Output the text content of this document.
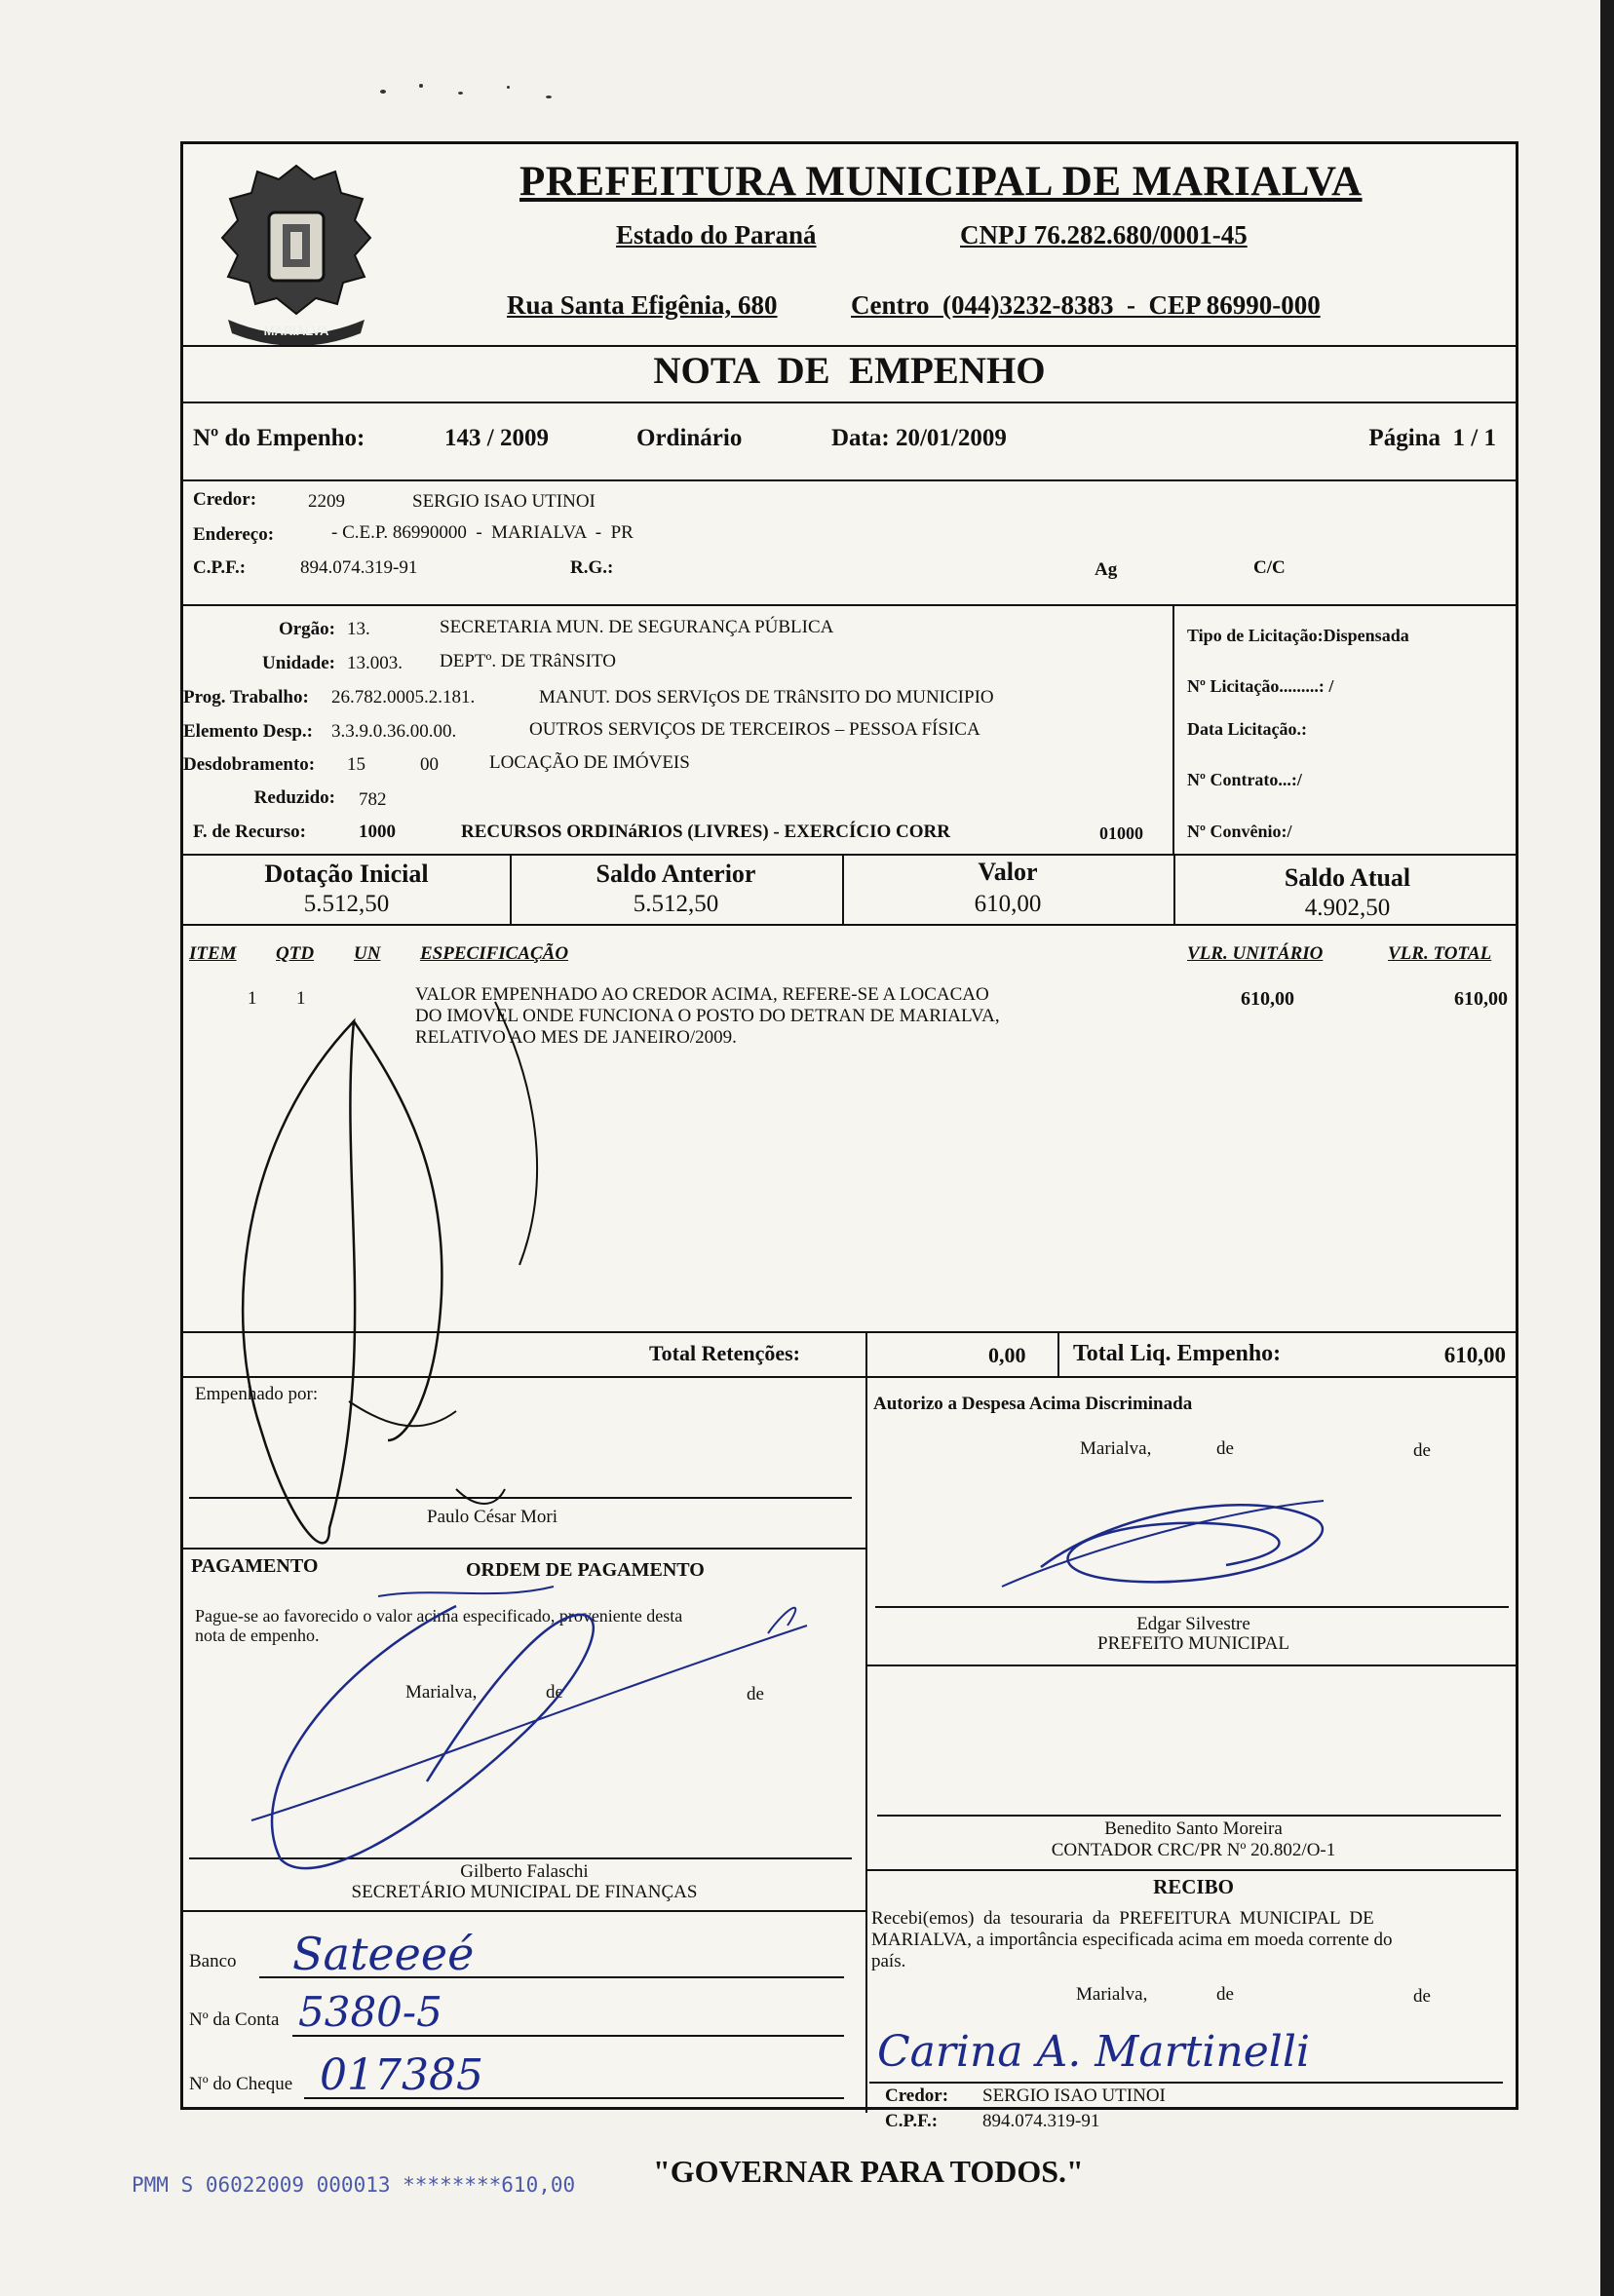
MARIALVA
PREFEITURA MUNICIPAL DE MARIALVA
Estado do Paraná	CNPJ 76.282.680/0001-45
Rua Santa Efigênia, 680	Centro  (044)3232-8383  -  CEP 86990-000
NOTA  DE  EMPENHO
Nº do Empenho:	143 / 2009	Ordinário	Data: 20/01/2009	Página  1 / 1
Credor:	2209	SERGIO ISAO UTINOI
Endereço:	- C.E.P. 86990000  -  MARIALVA  -  PR
C.P.F.:	894.074.319-91	R.G.:	Ag	C/C
Orgão: 13.	SECRETARIA MUN. DE SEGURANÇA PÚBLICA
Unidade: 13.003. DEPTº. DE TRâNSITO
Prog. Trabalho: 26.782.0005.2.181.	MANUT. DOS SERVIçOS DE TRâNSITO DO MUNICIPIO
Elemento Desp.: 3.3.9.0.36.00.00.	OUTROS SERVIÇOS DE TERCEIROS – PESSOA FÍSICA
Desdobramento: 15	00	LOCAÇÃO DE IMÓVEIS
Reduzido: 782
F. de Recurso:	1000	RECURSOS ORDINáRIOS (LIVRES) - EXERCÍCIO CORR	01000
Tipo de Licitação:Dispensada
Nº Licitação.........: /
Data Licitação.:
Nº Contrato...:/
Nº Convênio:/
Dotação Inicial
5.512,50
Saldo Anterior
5.512,50
Valor
610,00
Saldo Atual
4.902,50
ITEM QTD UN ESPECIFICAÇÃO	VLR. UNITÁRIO	VLR. TOTAL
1 1	VALOR EMPENHADO AO CREDOR ACIMA, REFERE-SE A LOCACAO
DO IMOVEL ONDE FUNCIONA O POSTO DO DETRAN DE MARIALVA,
RELATIVO AO MES DE JANEIRO/2009.
610,00	610,00
Total Retenções:	0,00 Total Liq. Empenho:	610,00
Empenhado por:
Paulo César Mori
Autorizo a Despesa Acima Discriminada
Marialva,	de	de
Edgar Silvestre
PREFEITO MUNICIPAL
PAGAMENTO	ORDEM DE PAGAMENTO
Pague-se ao favorecido o valor acima especificado, proveniente desta
nota de empenho.
Marialva,	de	de
Gilberto Falaschi
SECRETÁRIO MUNICIPAL DE FINANÇAS
Benedito Santo Moreira
CONTADOR CRC/PR Nº 20.802/O-1
Banco Sateeeé
Nº da Conta 5380-5
Nº do Cheque 017385
RECIBO
Recebi(emos)  da  tesouraria  da  PREFEITURA  MUNICIPAL  DE
MARIALVA, a importância especificada acima em moeda corrente do
país.
Marialva,	de	de
Carina A. Martinelli
Credor: SERGIO ISAO UTINOI
C.P.F.: 894.074.319-91
PMM S 06022009 000013 ********610,00 "GOVERNAR PARA TODOS."
